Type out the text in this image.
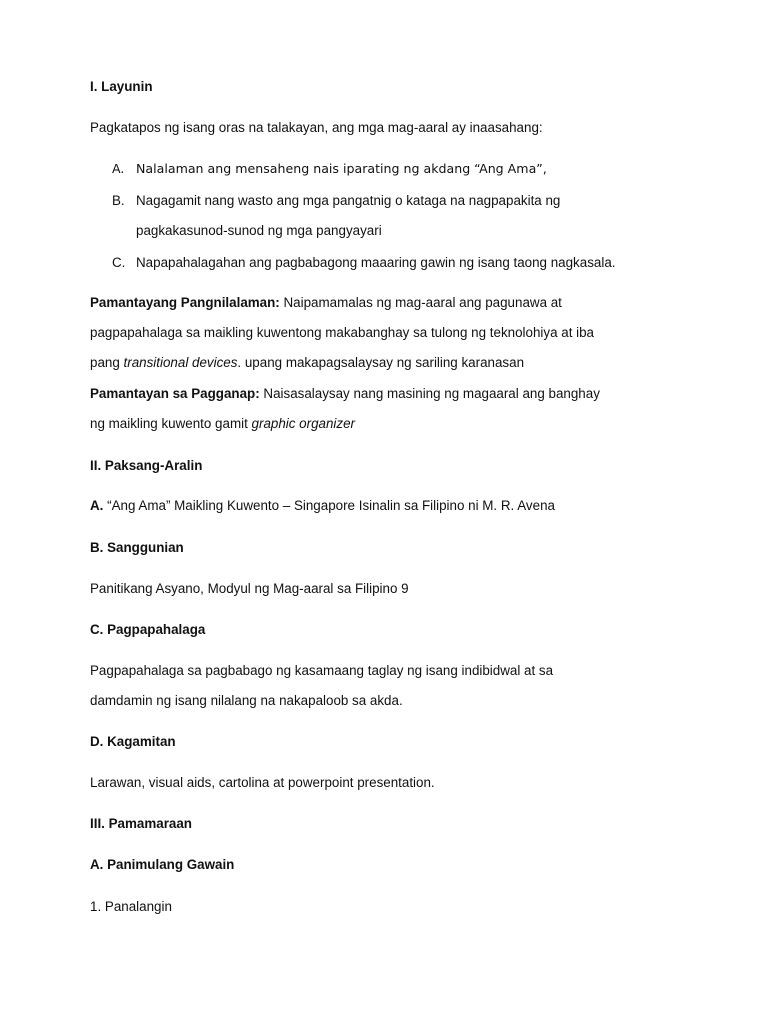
I. Layunin
Pagkatapos ng isang oras na talakayan, ang mga mag-aaral ay inaasahang:
A. Nalalaman ang mensaheng nais iparating ng akdang “Ang Ama”,
B. Nagagamit nang wasto ang mga pangatnig o kataga na nagpapakita ng
pagkakasunod-sunod ng mga pangyayari
C. Napapahalagahan ang pagbabagong maaaring gawin ng isang taong nagkasala.
Pamantayang Pangnilalaman: Naipamamalas ng mag-aaral ang pagunawa at
pagpapahalaga sa maikling kuwentong makabanghay sa tulong ng teknolohiya at iba
pang transitional devices. upang makapagsalaysay ng sariling karanasan
Pamantayan sa Pagganap: Naisasalaysay nang masining ng magaaral ang banghay
ng maikling kuwento gamit graphic organizer
II. Paksang-Aralin
A. “Ang Ama” Maikling Kuwento – Singapore Isinalin sa Filipino ni M. R. Avena
B. Sanggunian
Panitikang Asyano, Modyul ng Mag-aaral sa Filipino 9
C. Pagpapahalaga
Pagpapahalaga sa pagbabago ng kasamaang taglay ng isang indibidwal at sa
damdamin ng isang nilalang na nakapaloob sa akda.
D. Kagamitan
Larawan, visual aids, cartolina at powerpoint presentation.
III. Pamamaraan
A. Panimulang Gawain
1. Panalangin
